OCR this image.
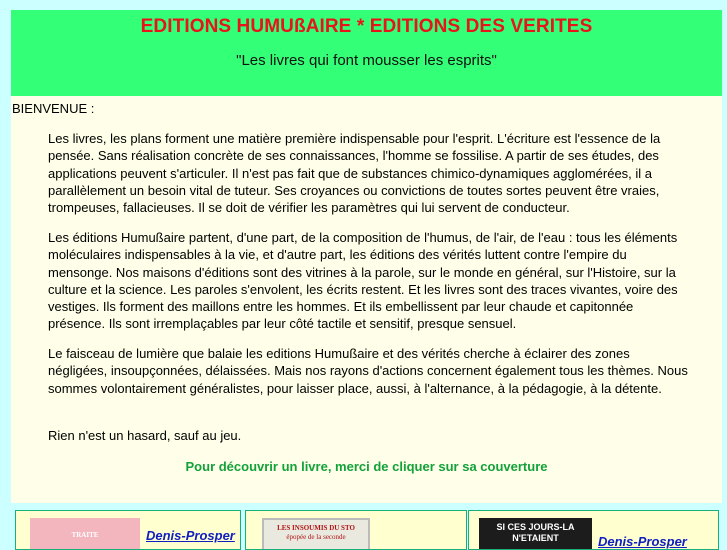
EDITIONS HUMUßAIRE * EDITIONS DES VERITES
"Les livres qui font mousser les esprits"
BIENVENUE :
Les livres, les plans forment une matière première indispensable pour l'esprit. L'écriture est l'essence de la pensée. Sans réalisation concrète de ses connaissances, l'homme se fossilise. A partir de ses études, des applications peuvent s'articuler. Il n'est pas fait que de substances chimico-dynamiques agglomérées, il a parallèlement un besoin vital de tuteur. Ses croyances ou convictions de toutes sortes peuvent être vraies, trompeuses, fallacieuses. Il se doit de vérifier les paramètres qui lui servent de conducteur.
Les éditions Humußaire partent, d'une part, de la composition de l'humus, de l'air, de l'eau : tous les éléments moléculaires indispensables à la vie, et d'autre part, les éditions des vérités luttent contre l'empire du mensonge. Nos maisons d'éditions sont des vitrines à la parole, sur le monde en général, sur l'Histoire, sur la culture et la science. Les paroles s'envolent, les écrits restent. Et les livres sont des traces vivantes, voire des vestiges. Ils forment des maillons entre les hommes. Et ils embellissent par leur chaude et capitonnée présence. Ils sont irremplaçables par leur côté tactile et sensitif, presque sensuel.
Le faisceau de lumière que balaie les editions Humußaire et des vérités cherche à éclairer des zones négligées, insoupçonnées, délaissées. Mais nos rayons d'actions concernent également tous les thèmes. Nous sommes volontairement généralistes, pour laisser place, aussi, à l'alternance, à la pédagogie, à la détente.
Rien n'est un hasard, sauf au jeu.
Pour découvrir un livre, merci de cliquer sur sa couverture
TRAITE	Denis-Prosper	LES INSOUMIS DU STO
épopée de la seconde
SI CES JOURS-LA
N'ETAIENT	Denis-Prosper
